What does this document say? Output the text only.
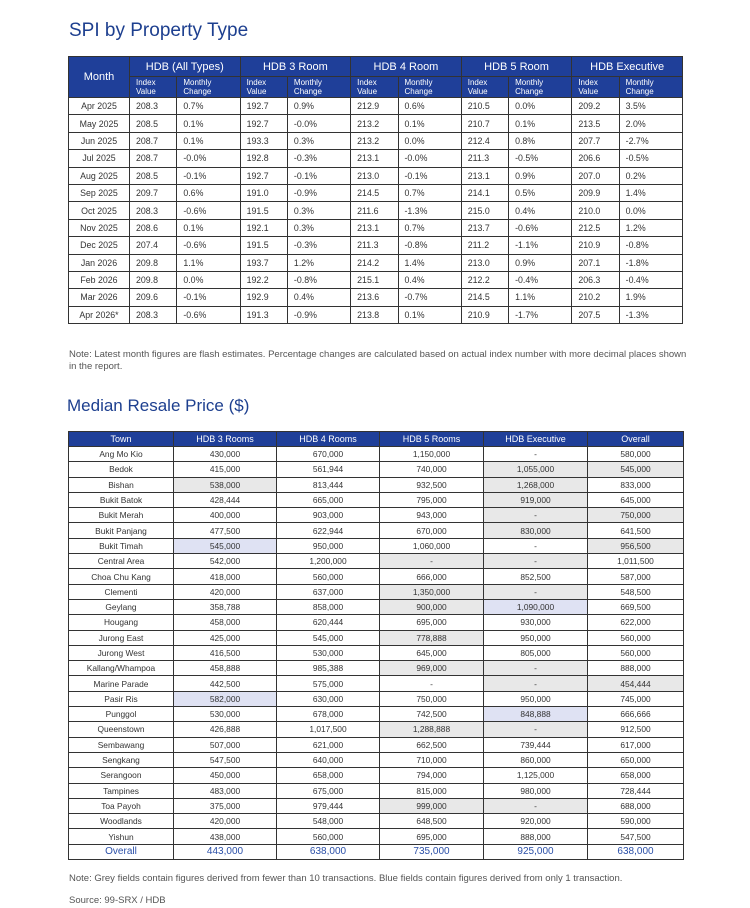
SPI by Property Type
Month	HDB (All Types)		HDB 3 Room		HDB 4 Room		HDB 5 Room		HDB Executive	
	Index Value	Monthly Change	Index Value	Monthly Change	Index Value	Monthly Change	Index Value	Monthly Change	Index Value	Monthly Change
Apr 2025	208.3	0.7%	192.7	0.9%	212.9	0.6%	210.5	0.0%	209.2	3.5%
May 2025	208.5	0.1%	192.7	-0.0%	213.2	0.1%	210.7	0.1%	213.5	2.0%
Jun 2025	208.7	0.1%	193.3	0.3%	213.2	0.0%	212.4	0.8%	207.7	-2.7%
Jul 2025	208.7	-0.0%	192.8	-0.3%	213.1	-0.0%	211.3	-0.5%	206.6	-0.5%
Aug 2025	208.5	-0.1%	192.7	-0.1%	213.0	-0.1%	213.1	0.9%	207.0	0.2%
Sep 2025	209.7	0.6%	191.0	-0.9%	214.5	0.7%	214.1	0.5%	209.9	1.4%
Oct 2025	208.3	-0.6%	191.5	0.3%	211.6	-1.3%	215.0	0.4%	210.0	0.0%
Nov 2025	208.6	0.1%	192.1	0.3%	213.1	0.7%	213.7	-0.6%	212.5	1.2%
Dec 2025	207.4	-0.6%	191.5	-0.3%	211.3	-0.8%	211.2	-1.1%	210.9	-0.8%
Jan 2026	209.8	1.1%	193.7	1.2%	214.2	1.4%	213.0	0.9%	207.1	-1.8%
Feb 2026	209.8	0.0%	192.2	-0.8%	215.1	0.4%	212.2	-0.4%	206.3	-0.4%
Mar 2026	209.6	-0.1%	192.9	0.4%	213.6	-0.7%	214.5	1.1%	210.2	1.9%
Apr 2026*	208.3	-0.6%	191.3	-0.9%	213.8	0.1%	210.9	-1.7%	207.5	-1.3%
Note: Latest month figures are flash estimates. Percentage changes are calculated based on actual index number with more decimal places shown in the report.
Median Resale Price ($)
Town	HDB 3 Rooms	HDB 4 Rooms	HDB 5 Rooms	HDB Executive	Overall
Ang Mo Kio	430,000	670,000	1,150,000	-	580,000
Bedok	415,000	561,944	740,000	1,055,000	545,000
Bishan	538,000	813,444	932,500	1,268,000	833,000
Bukit Batok	428,444	665,000	795,000	919,000	645,000
Bukit Merah	400,000	903,000	943,000	-	750,000
Bukit Panjang	477,500	622,944	670,000	830,000	641,500
Bukit Timah	545,000	950,000	1,060,000	-	956,500
Central Area	542,000	1,200,000	-	-	1,011,500
Choa Chu Kang	418,000	560,000	666,000	852,500	587,000
Clementi	420,000	637,000	1,350,000	-	548,500
Geylang	358,788	858,000	900,000	1,090,000	669,500
Hougang	458,000	620,444	695,000	930,000	622,000
Jurong East	425,000	545,000	778,888	950,000	560,000
Jurong West	416,500	530,000	645,000	805,000	560,000
Kallang/Whampoa	458,888	985,388	969,000	-	888,000
Marine Parade	442,500	575,000	-	-	454,444
Pasir Ris	582,000	630,000	750,000	950,000	745,000
Punggol	530,000	678,000	742,500	848,888	666,666
Queenstown	426,888	1,017,500	1,288,888	-	912,500
Sembawang	507,000	621,000	662,500	739,444	617,000
Sengkang	547,500	640,000	710,000	860,000	650,000
Serangoon	450,000	658,000	794,000	1,125,000	658,000
Tampines	483,000	675,000	815,000	980,000	728,444
Toa Payoh	375,000	979,444	999,000	-	688,000
Woodlands	420,000	548,000	648,500	920,000	590,000
Yishun	438,000	560,000	695,000	888,000	547,500
Overall	443,000	638,000	735,000	925,000	638,000
Note: Grey fields contain figures derived from fewer than 10 transactions. Blue fields contain figures derived from only 1 transaction.
Source: 99-SRX / HDB
